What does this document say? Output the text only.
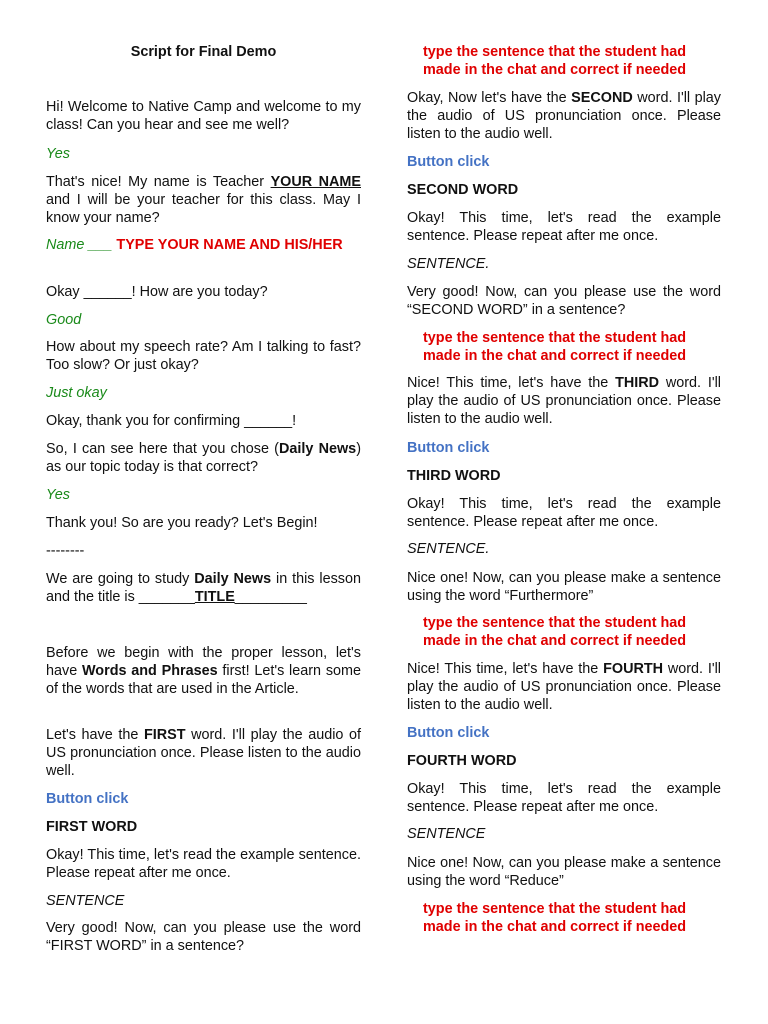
Script for Final Demo

Hi! Welcome to Native Camp and welcome to my class! Can you hear and see me well?

Yes

That's nice! My name is Teacher YOUR NAME and I will be your teacher for this class. May I know your name?

Name ___ TYPE YOUR NAME AND HIS/HER

Okay ______! How are you today?

Good

How about my speech rate? Am I talking to fast? Too slow? Or just okay?

Just okay

Okay, thank you for confirming ______!

So, I can see here that you chose (Daily News) as our topic today is that correct?

Yes

Thank you! So are you ready? Let's Begin!

--------

We are going to study Daily News in this lesson and the title is _______TITLE_________

Before we begin with the proper lesson, let's have Words and Phrases first! Let's learn some of the words that are used in the Article.

Let's have the FIRST word. I'll play the audio of US pronunciation once. Please listen to the audio well.

Button click

FIRST WORD

Okay! This time, let's read the example sentence. Please repeat after me once.

SENTENCE

Very good! Now, can you please use the word “FIRST WORD” in a sentence?

type the sentence that the student had made in the chat and correct if needed

Okay, Now let's have the SECOND word. I'll play the audio of US pronunciation once. Please listen to the audio well.

Button click

SECOND WORD

Okay! This time, let's read the example sentence. Please repeat after me once.

SENTENCE.

Very good! Now, can you please use the word “SECOND WORD” in a sentence?

type the sentence that the student had made in the chat and correct if needed

Nice! This time, let's have the THIRD word. I'll play the audio of US pronunciation once. Please listen to the audio well.

Button click

THIRD WORD

Okay! This time, let's read the example sentence. Please repeat after me once.

SENTENCE.

Nice one! Now, can you please make a sentence using the word “Furthermore”

type the sentence that the student had made in the chat and correct if needed

Nice! This time, let's have the FOURTH word. I'll play the audio of US pronunciation once. Please listen to the audio well.

Button click

FOURTH WORD

Okay! This time, let's read the example sentence. Please repeat after me once.

SENTENCE

Nice one! Now, can you please make a sentence using the word “Reduce”

type the sentence that the student had made in the chat and correct if needed
